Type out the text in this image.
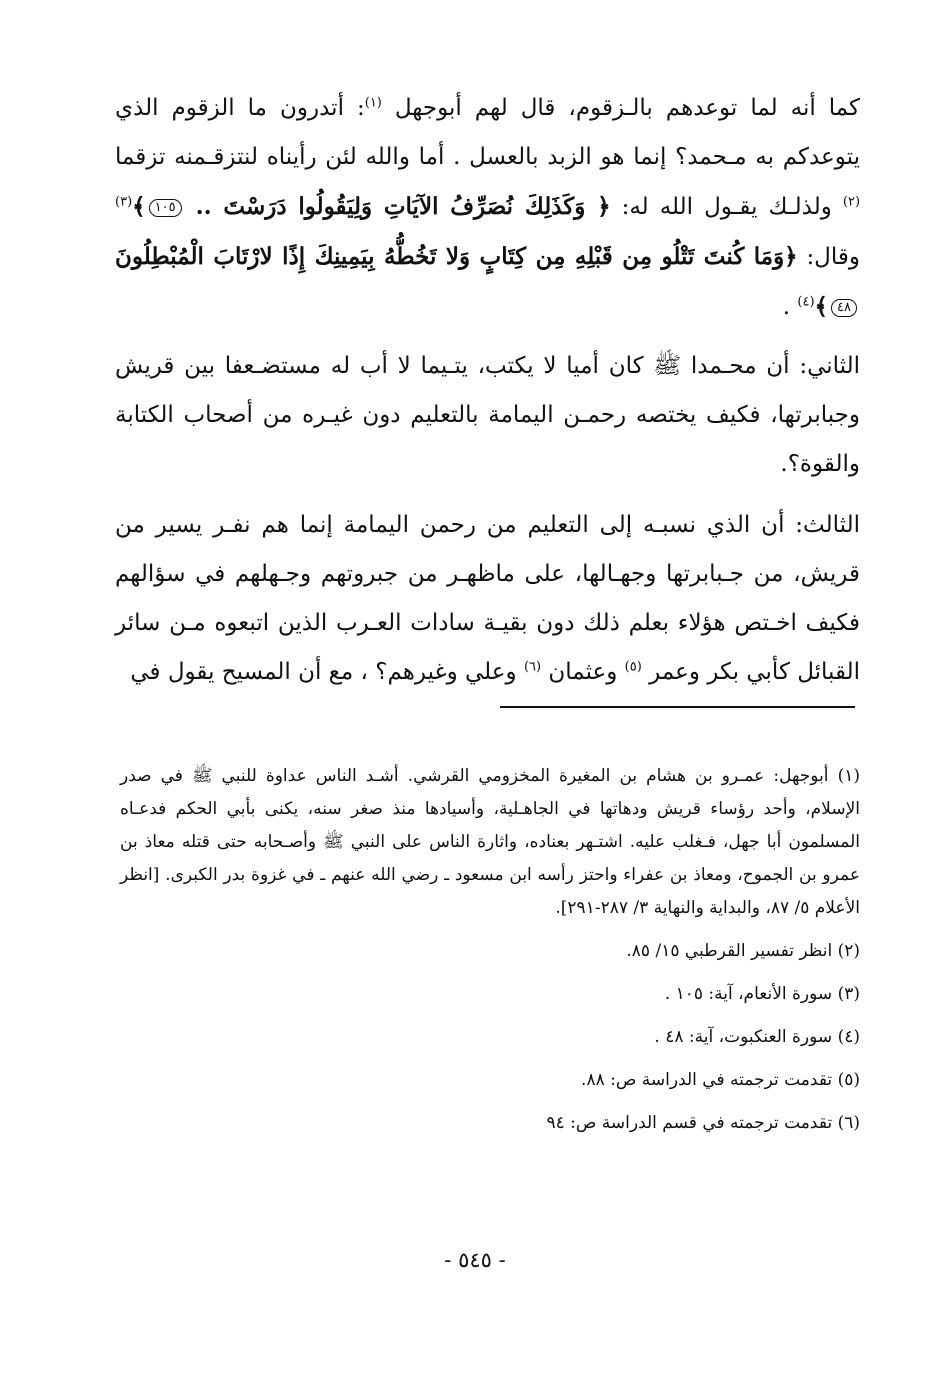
كما أنه لما توعدهم بالـزقوم، قال لهم أبوجهل $^{(١)}$: أتدرون ما الزقوم الذي يتوعدكم به مـحمد؟ إنما هو الزبد بالعسل . أما والله لئن رأيناه لنتزقـمنه تزقما $^{(٢)}$ ولذلـك يقـول الله له: ﴿ وَكَذَلِكَ نُصَرِّفُ الآيَاتِ وَلِيَقُولُوا دَرَسْتَ .. ١٠٥﴾$^{(٣)}$ وقال: ﴿وَمَا كُنتَ تَتْلُو مِن قَبْلِهِ مِن كِتَابٍ وَلا تَخُطُّهُ بِيَمِينِكَ إِذًا لارْتَابَ الْمُبْطِلُونَ ٤٨﴾$^{(٤)}$ .

الثاني: أن محـمدا ﷺ كان أميا لا يكتب، يتـيما لا أب له مستضـعفا بين قريش وجبابرتها، فكيف يختصه رحمـن اليمامة بالتعليم دون غيـره من أصحاب الكتابة والقوة؟.

الثالث: أن الذي نسبـه إلى التعليم من رحمن اليمامة إنما هم نفـر يسير من قريش، من جـبابرتها وجهـالها، على ماظهـر من جبروتهم وجـهلهم في سؤالهم فكيف اخـتص هؤلاء بعلم ذلك دون بقيـة سادات العـرب الذين اتبعوه مـن سائر القبائل كأبي بكر وعمر $^{(٥)}$ وعثمان $^{(٦)}$ وعلي وغيرهم؟ ، مع أن المسيح يقول في

(١) أبوجهل: عمـرو بن هشام بن المغيرة المخزومي القرشي. أشـد الناس عداوة للنبي ﷺ في صدر الإسلام، وأحد رؤساء قريش ودهاتها في الجاهـلية، وأسيادها منذ صغر سنه، يكنى بأبي الحكم فدعـاه المسلمون أبا جهل، فـغلب عليه. اشتـهر بعناده، واثارة الناس على النبي ﷺ وأصـحابه حتى قتله معاذ بن عمرو بن الجموح، ومعاذ بن عفراء واحتز رأسه ابن مسعود ـ رضي الله عنهم ـ في غزوة بدر الكبرى. [انظر الأعلام ٥/ ٨٧، والبداية والنهاية ٣/ ٢٨٧-٢٩١].

(٢) انظر تفسير القرطبي ١٥/ ٨٥.

(٣) سورة الأنعام، آية: ١٠٥ .

(٤) سورة العنكبوت، آية: ٤٨ .

(٥) تقدمت ترجمته في الدراسة ص: ٨٨.

(٦) تقدمت ترجمته في قسم الدراسة ص: ٩٤

- ٥٤٥ -
